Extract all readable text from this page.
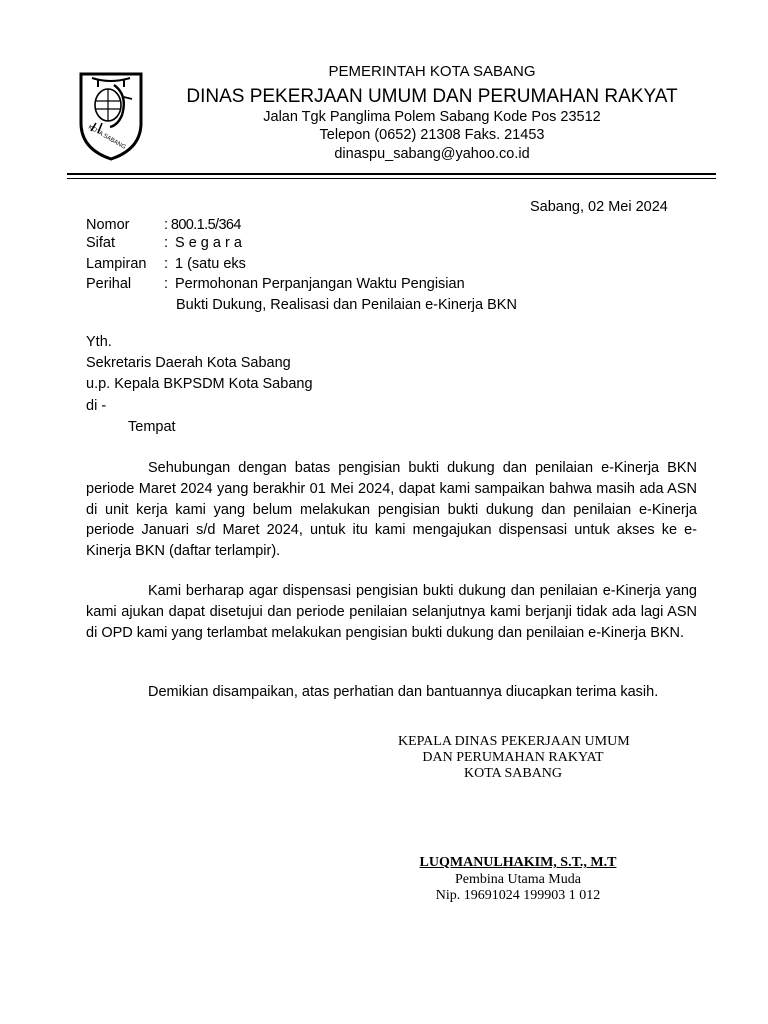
KOTA SABANG
PEMERINTAH KOTA SABANG
DINAS PEKERJAAN UMUM DAN PERUMAHAN RAKYAT
Jalan Tgk Panglima Polem Sabang Kode Pos 23512
Telepon (0652) 21308 Faks. 21453
dinaspu_sabang@yahoo.co.id
Sabang, 02 Mei 2024
Nomor : 800.1.5/364
Sifat	: S e g a r a
Lampiran : 1 (satu eks
Perihal : Permohonan Perpanjangan Waktu Pengisian
Bukti Dukung, Realisasi dan Penilaian e-Kinerja BKN
Yth.
Sekretaris Daerah Kota Sabang
u.p. Kepala BKPSDM Kota Sabang
di -
Tempat

Sehubungan dengan batas pengisian bukti dukung dan penilaian e-Kinerja BKN periode Maret 2024 yang berakhir 01 Mei 2024, dapat kami sampaikan bahwa masih ada ASN di unit kerja kami yang belum melakukan pengisian bukti dukung dan penilaian e-Kinerja periode Januari s/d Maret 2024, untuk itu kami mengajukan dispensasi untuk akses ke e-Kinerja BKN (daftar terlampir).

Kami berharap agar dispensasi pengisian bukti dukung dan penilaian e-Kinerja yang kami ajukan dapat disetujui dan periode penilaian selanjutnya kami berjanji tidak ada lagi ASN di OPD kami yang terlambat melakukan pengisian bukti dukung dan penilaian e-Kinerja BKN.

Demikian disampaikan, atas perhatian dan bantuannya diucapkan terima kasih.

KEPALA DINAS PEKERJAAN UMUM
DAN PERUMAHAN RAKYAT
KOTA SABANG
LUQMANULHAKIM, S.T., M.T
Pembina Utama Muda
Nip. 19691024 199903 1 012
